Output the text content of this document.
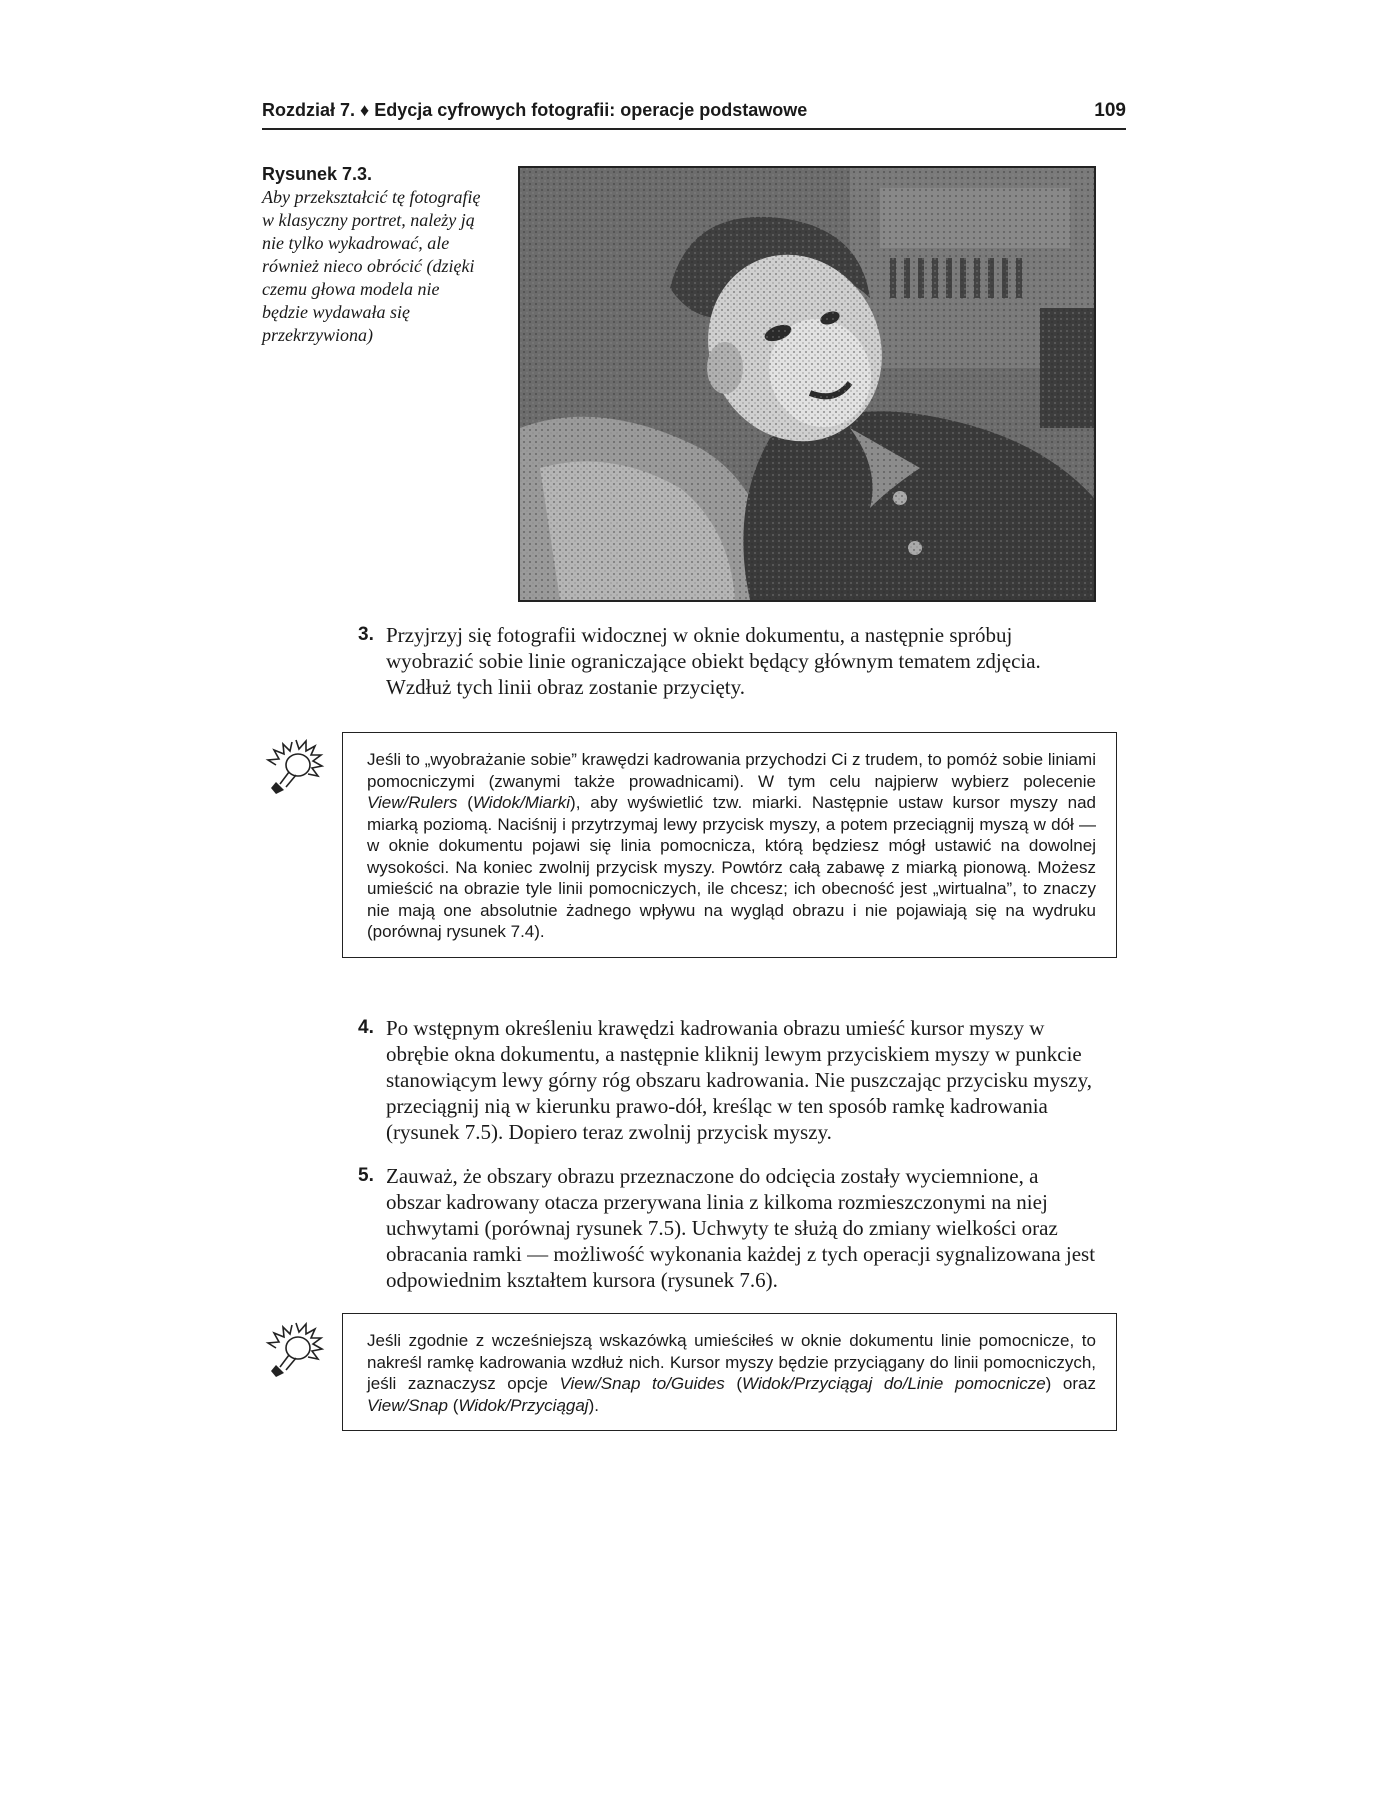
Rozdział 7. ♦ Edycja cyfrowych fotografii: operacje podstawowe	109
Rysunek 7.3.
Aby przekształcić tę fotografię w klasyczny portret, należy ją nie tylko wykadrować, ale również nieco obrócić (dzięki czemu głowa modela nie będzie wydawała się przekrzywiona)
3. Przyjrzyj się fotografii widocznej w oknie dokumentu, a następnie spróbuj wyobrazić sobie linie ograniczające obiekt będący głównym tematem zdjęcia. Wzdłuż tych linii obraz zostanie przycięty.
Jeśli to „wyobrażanie sobie” krawędzi kadrowania przychodzi Ci z trudem, to pomóż sobie liniami pomocniczymi (zwanymi także prowadnicami). W tym celu najpierw wybierz polecenie View/Rulers (Widok/Miarki), aby wyświetlić tzw. miarki. Następnie ustaw kursor myszy nad miarką poziomą. Naciśnij i przytrzymaj lewy przycisk myszy, a potem przeciągnij myszą w dół — w oknie dokumentu pojawi się linia pomocnicza, którą będziesz mógł ustawić na dowolnej wysokości. Na koniec zwolnij przycisk myszy. Powtórz całą zabawę z miarką pionową. Możesz umieścić na obrazie tyle linii pomocniczych, ile chcesz; ich obecność jest „wirtualna”, to znaczy nie mają one absolutnie żadnego wpływu na wygląd obrazu i nie pojawiają się na wydruku (porównaj rysunek 7.4).
4. Po wstępnym określeniu krawędzi kadrowania obrazu umieść kursor myszy w obrębie okna dokumentu, a następnie kliknij lewym przyciskiem myszy w punkcie stanowiącym lewy górny róg obszaru kadrowania. Nie puszczając przycisku myszy, przeciągnij nią w kierunku prawo-dół, kreśląc w ten sposób ramkę kadrowania (rysunek 7.5). Dopiero teraz zwolnij przycisk myszy.
5. Zauważ, że obszary obrazu przeznaczone do odcięcia zostały wyciemnione, a obszar kadrowany otacza przerywana linia z kilkoma rozmieszczonymi na niej uchwytami (porównaj rysunek 7.5). Uchwyty te służą do zmiany wielkości oraz obracania ramki — możliwość wykonania każdej z tych operacji sygnalizowana jest odpowiednim kształtem kursora (rysunek 7.6).
Jeśli zgodnie z wcześniejszą wskazówką umieściłeś w oknie dokumentu linie pomocnicze, to nakreśl ramkę kadrowania wzdłuż nich. Kursor myszy będzie przyciągany do linii pomocniczych, jeśli zaznaczysz opcje View/Snap to/Guides (Widok/Przyciągaj do/Linie pomocnicze) oraz View/Snap (Widok/Przyciągaj).
